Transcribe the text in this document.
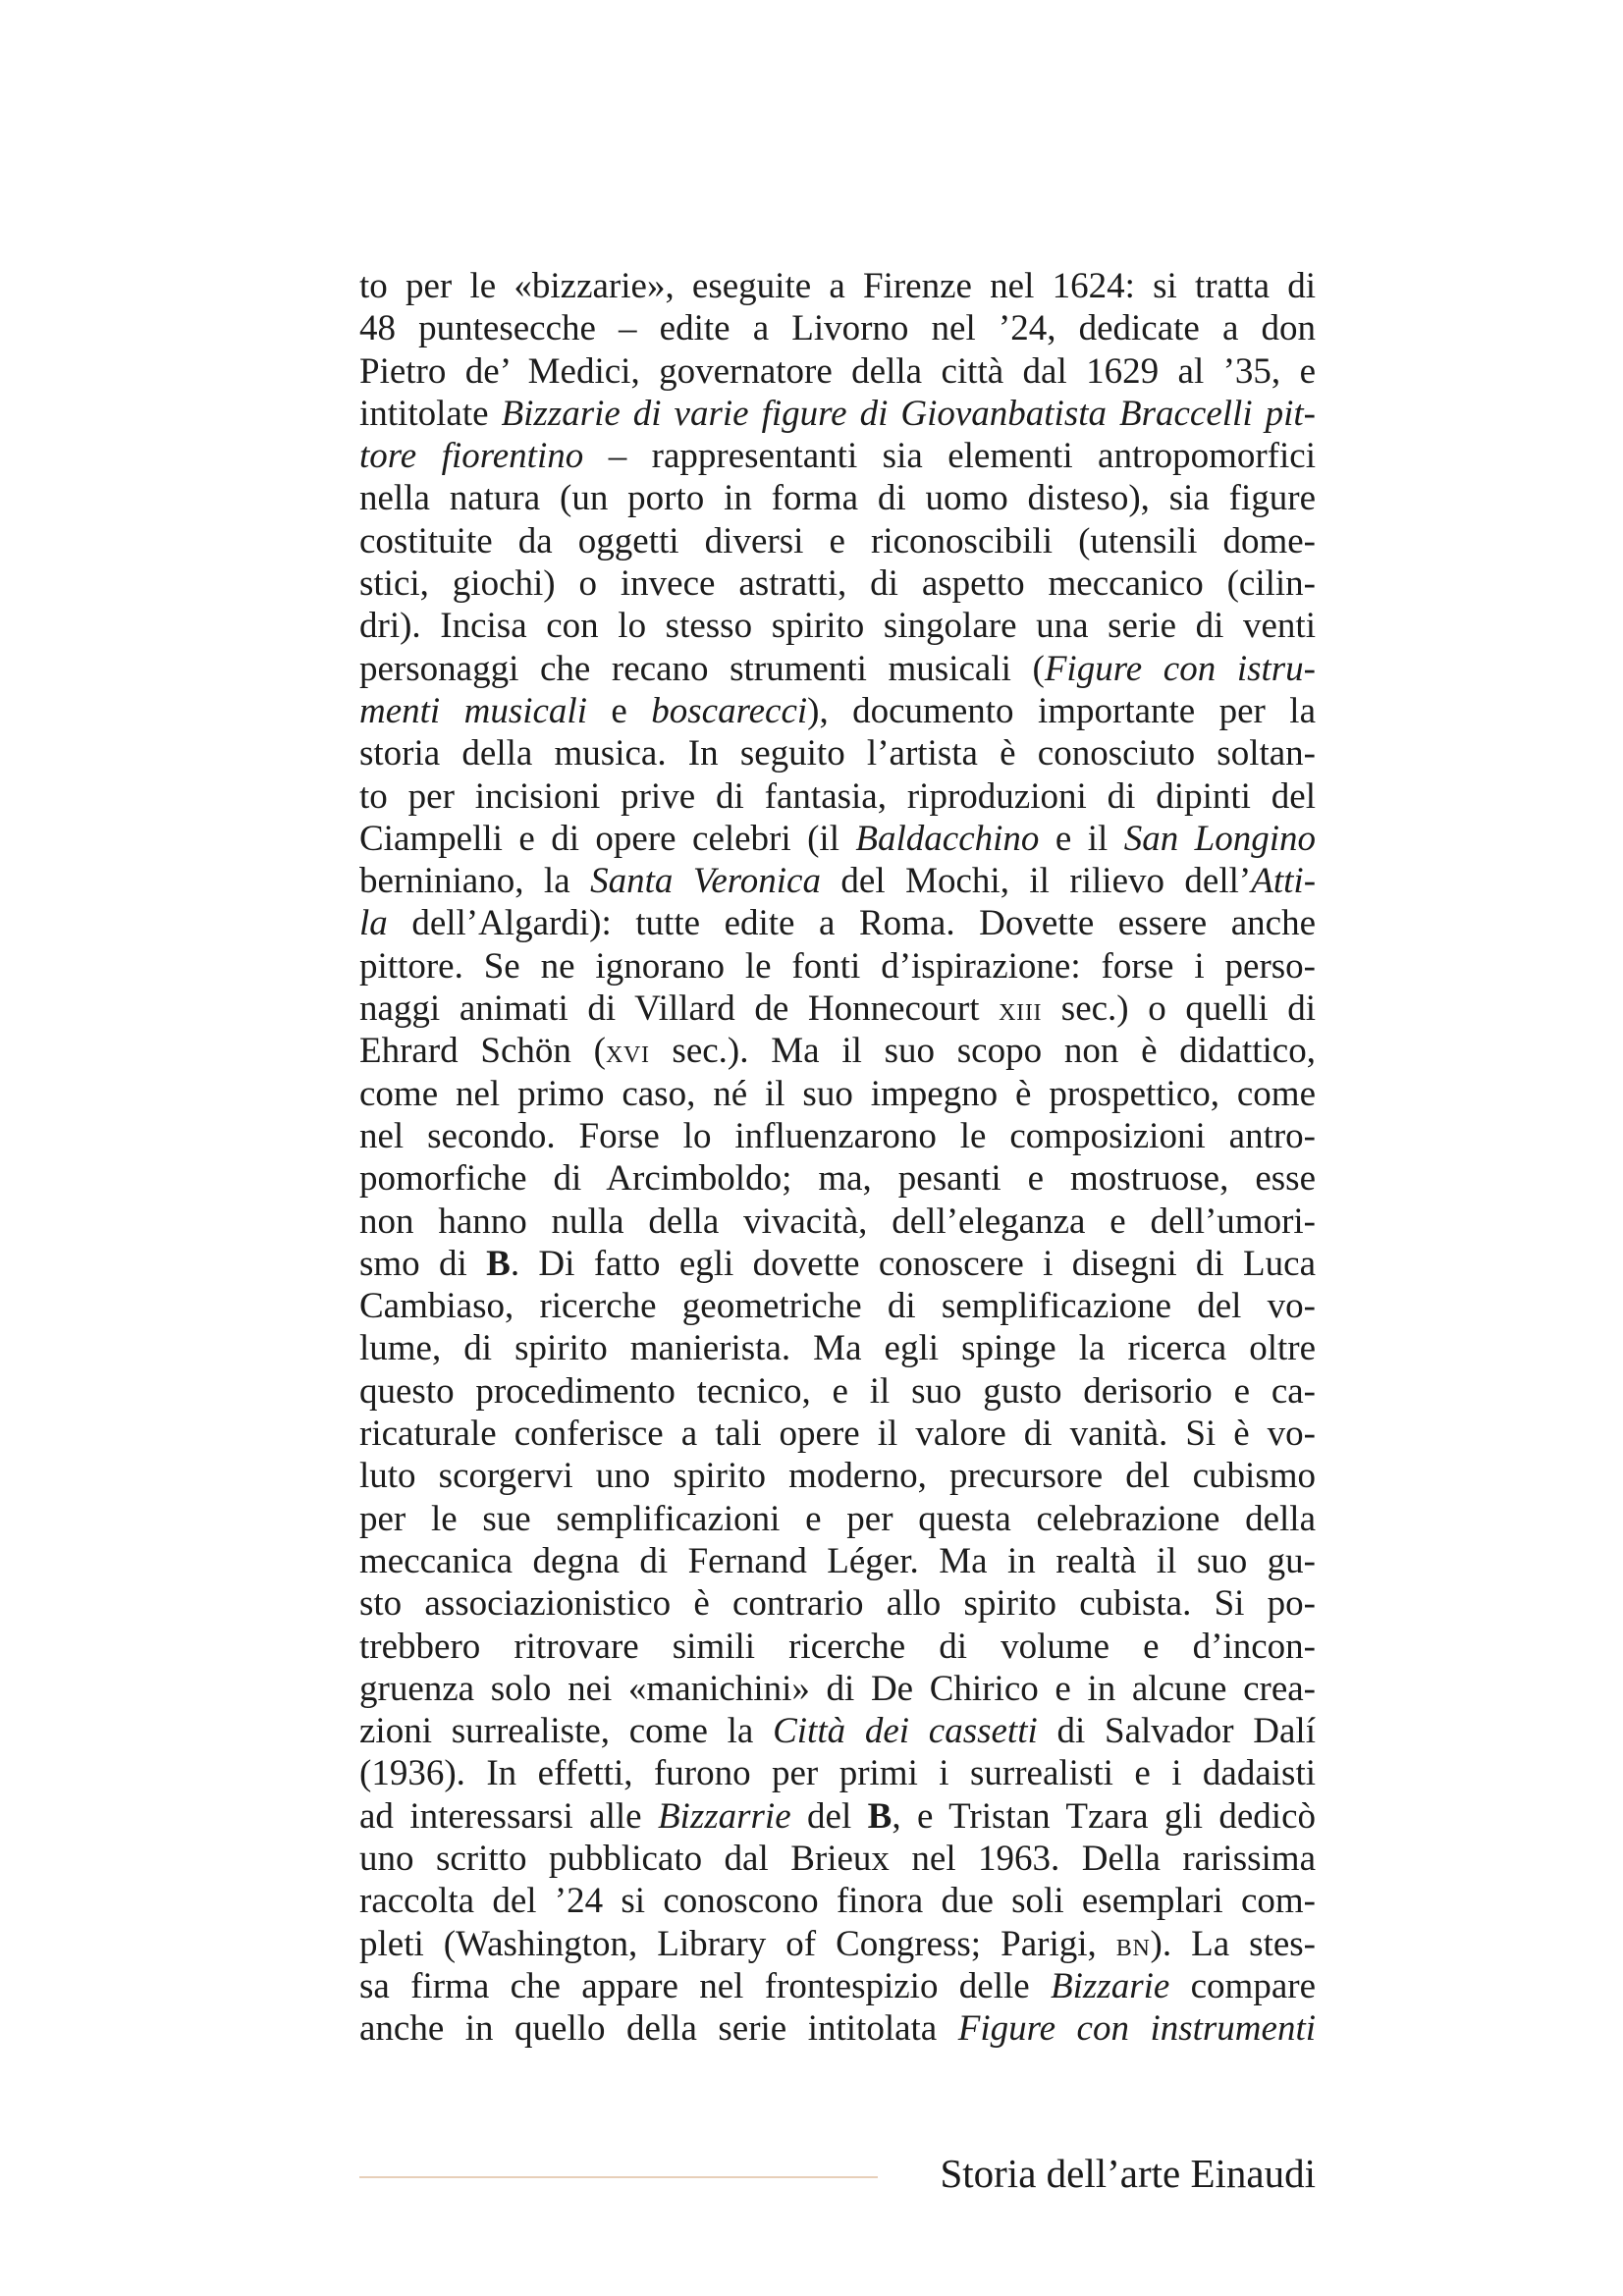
to per le «bizzarie», eseguite a Firenze nel 1624: si tratta di
48 puntesecche – edite a Livorno nel ’24, dedicate a don
Pietro de’ Medici, governatore della città dal 1629 al ’35, e
intitolate Bizzarie di varie figure di Giovanbatista Braccelli pit-
tore fiorentino – rappresentanti sia elementi antropomorfici
nella natura (un porto in forma di uomo disteso), sia figure
costituite da oggetti diversi e riconoscibili (utensili dome-
stici, giochi) o invece astratti, di aspetto meccanico (cilin-
dri). Incisa con lo stesso spirito singolare una serie di venti
personaggi che recano strumenti musicali (Figure con istru-
menti musicali e boscarecci), documento importante per la
storia della musica. In seguito l’artista è conosciuto soltan-
to per incisioni prive di fantasia, riproduzioni di dipinti del
Ciampelli e di opere celebri (il Baldacchino e il San Longino
berniniano, la Santa Veronica del Mochi, il rilievo dell’Atti-
la dell’Algardi): tutte edite a Roma. Dovette essere anche
pittore. Se ne ignorano le fonti d’ispirazione: forse i perso-
naggi animati di Villard de Honnecourt xiii sec.) o quelli di
Ehrard Schön (xvi sec.). Ma il suo scopo non è didattico,
come nel primo caso, né il suo impegno è prospettico, come
nel secondo. Forse lo influenzarono le composizioni antro-
pomorfiche di Arcimboldo; ma, pesanti e mostruose, esse
non hanno nulla della vivacità, dell’eleganza e dell’umori-
smo di B. Di fatto egli dovette conoscere i disegni di Luca
Cambiaso, ricerche geometriche di semplificazione del vo-
lume, di spirito manierista. Ma egli spinge la ricerca oltre
questo procedimento tecnico, e il suo gusto derisorio e ca-
ricaturale conferisce a tali opere il valore di vanità. Si è vo-
luto scorgervi uno spirito moderno, precursore del cubismo
per le sue semplificazioni e per questa celebrazione della
meccanica degna di Fernand Léger. Ma in realtà il suo gu-
sto associazionistico è contrario allo spirito cubista. Si po-
trebbero ritrovare simili ricerche di volume e d’incon-
gruenza solo nei «manichini» di De Chirico e in alcune crea-
zioni surrealiste, come la Città dei cassetti di Salvador Dalí
(1936). In effetti, furono per primi i surrealisti e i dadaisti
ad interessarsi alle Bizzarrie del B, e Tristan Tzara gli dedicò
uno scritto pubblicato dal Brieux nel 1963. Della rarissima
raccolta del ’24 si conoscono finora due soli esemplari com-
pleti (Washington, Library of Congress; Parigi, bn). La stes-
sa firma che appare nel frontespizio delle Bizzarie compare
anche in quello della serie intitolata Figure con instrumenti
Storia dell’arte Einaudi
